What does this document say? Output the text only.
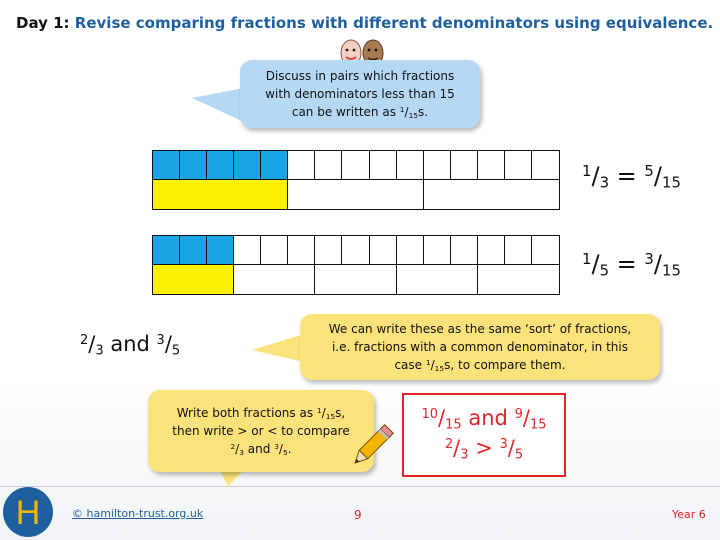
Day 1: Revise comparing fractions with different denominators using equivalence.
Discuss in pairs which fractions
with denominators less than 15
can be written as $^1/_{15}s$.
$^1/_3 = ^5/_{15}$
$^1/_5 = ^3/_{15}$
$^2/_3$ and $^3/_5$
We can write these as the same ‘sort’ of fractions,
i.e. fractions with a common denominator, in this
case $^1/_{15}s$, to compare them.
Write both fractions as $^1/_{15}s$,
then write > or < to compare
$^2/_3$ and $^3/_5$.
$^{10}/_{15}$ and $^9/_{15}$
$^2/_3 > ^3/_5$
H	© hamilton-trust.org.uk	9	Year 6
